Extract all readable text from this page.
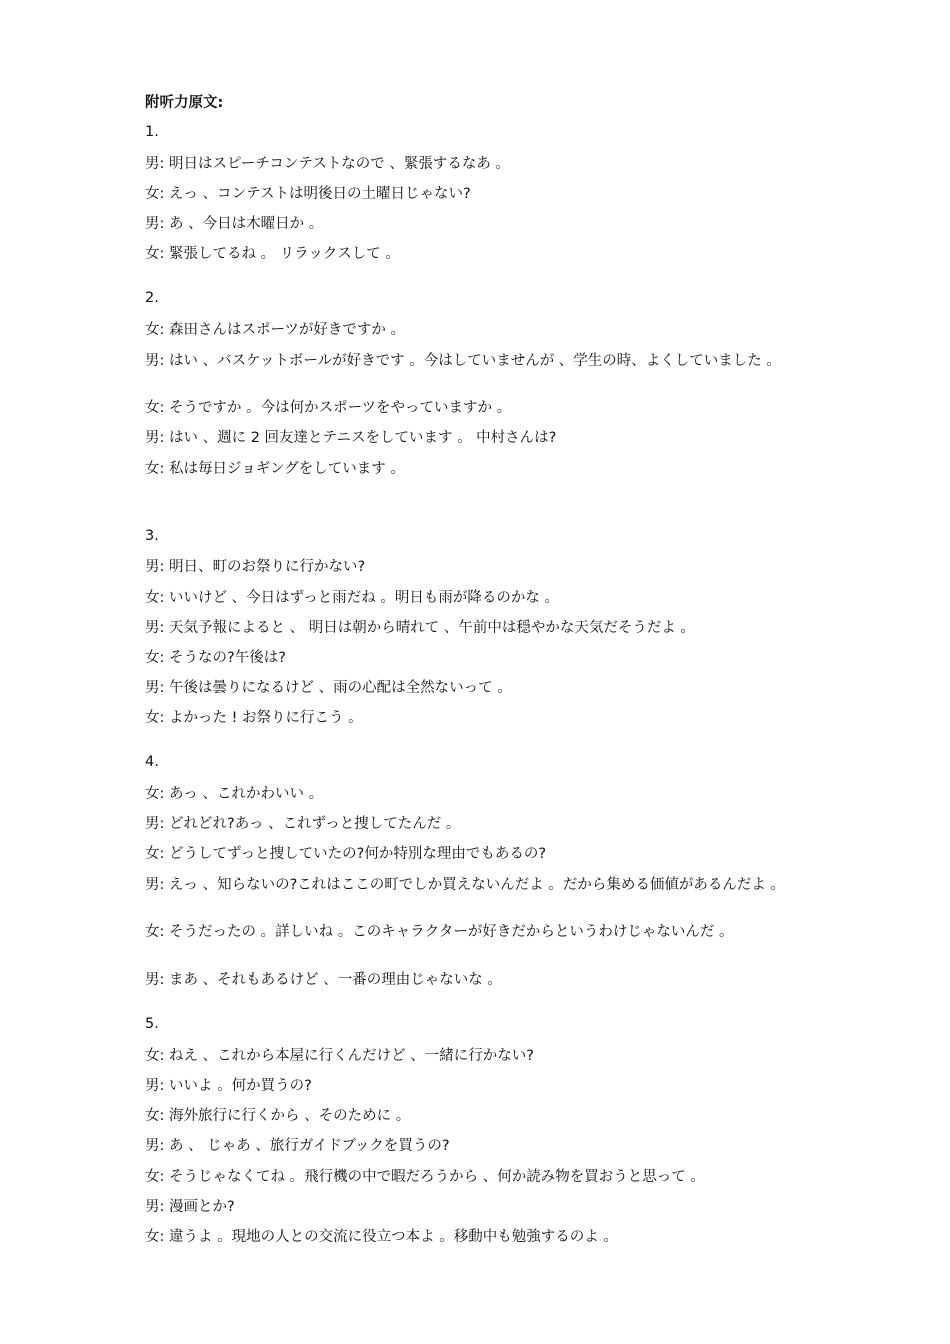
附听力原文:
1.
男: 明日はスピーチコンテストなので 、緊張するなあ 。
女: えっ 、コンテストは明後日の土曜日じゃない?
男: あ 、今日は木曜日か 。
女: 緊張してるね 。 リラックスして 。
2.
女: 森田さんはスポーツが好きですか 。
男: はい 、バスケットボールが好きです 。今はしていませんが 、学生の時、よくしていました 。
女: そうですか 。今は何かスポーツをやっていますか 。
男: はい 、週に 2 回友達とテニスをしています 。 中村さんは?
女: 私は毎日ジョギングをしています 。
3.
男: 明日、町のお祭りに行かない?
女: いいけど 、今日はずっと雨だね 。明日も雨が降るのかな 。
男: 天気予報によると 、 明日は朝から晴れて 、午前中は穏やかな天気だそうだよ 。
女: そうなの?午後は?
男: 午後は曇りになるけど 、雨の心配は全然ないって 。
女: よかった ! お祭りに行こう 。
4.
女: あっ 、これかわいい 。
男: どれどれ?あっ 、これずっと捜してたんだ 。
女: どうしてずっと捜していたの?何か特別な理由でもあるの?
男: えっ 、知らないの?これはここの町でしか買えないんだよ 。だから集める価値があるんだよ 。
女: そうだったの 。詳しいね 。このキャラクターが好きだからというわけじゃないんだ 。
男: まあ 、それもあるけど 、一番の理由じゃないな 。
5.
女: ねえ 、これから本屋に行くんだけど 、一緒に行かない?
男: いいよ 。何か買うの?
女: 海外旅行に行くから 、そのために 。
男: あ 、 じゃあ 、旅行ガイドブックを買うの?
女: そうじゃなくてね 。飛行機の中で暇だろうから 、何か読み物を買おうと思って 。
男: 漫画とか?
女: 違うよ 。現地の人との交流に役立つ本よ 。移動中も勉強するのよ 。
